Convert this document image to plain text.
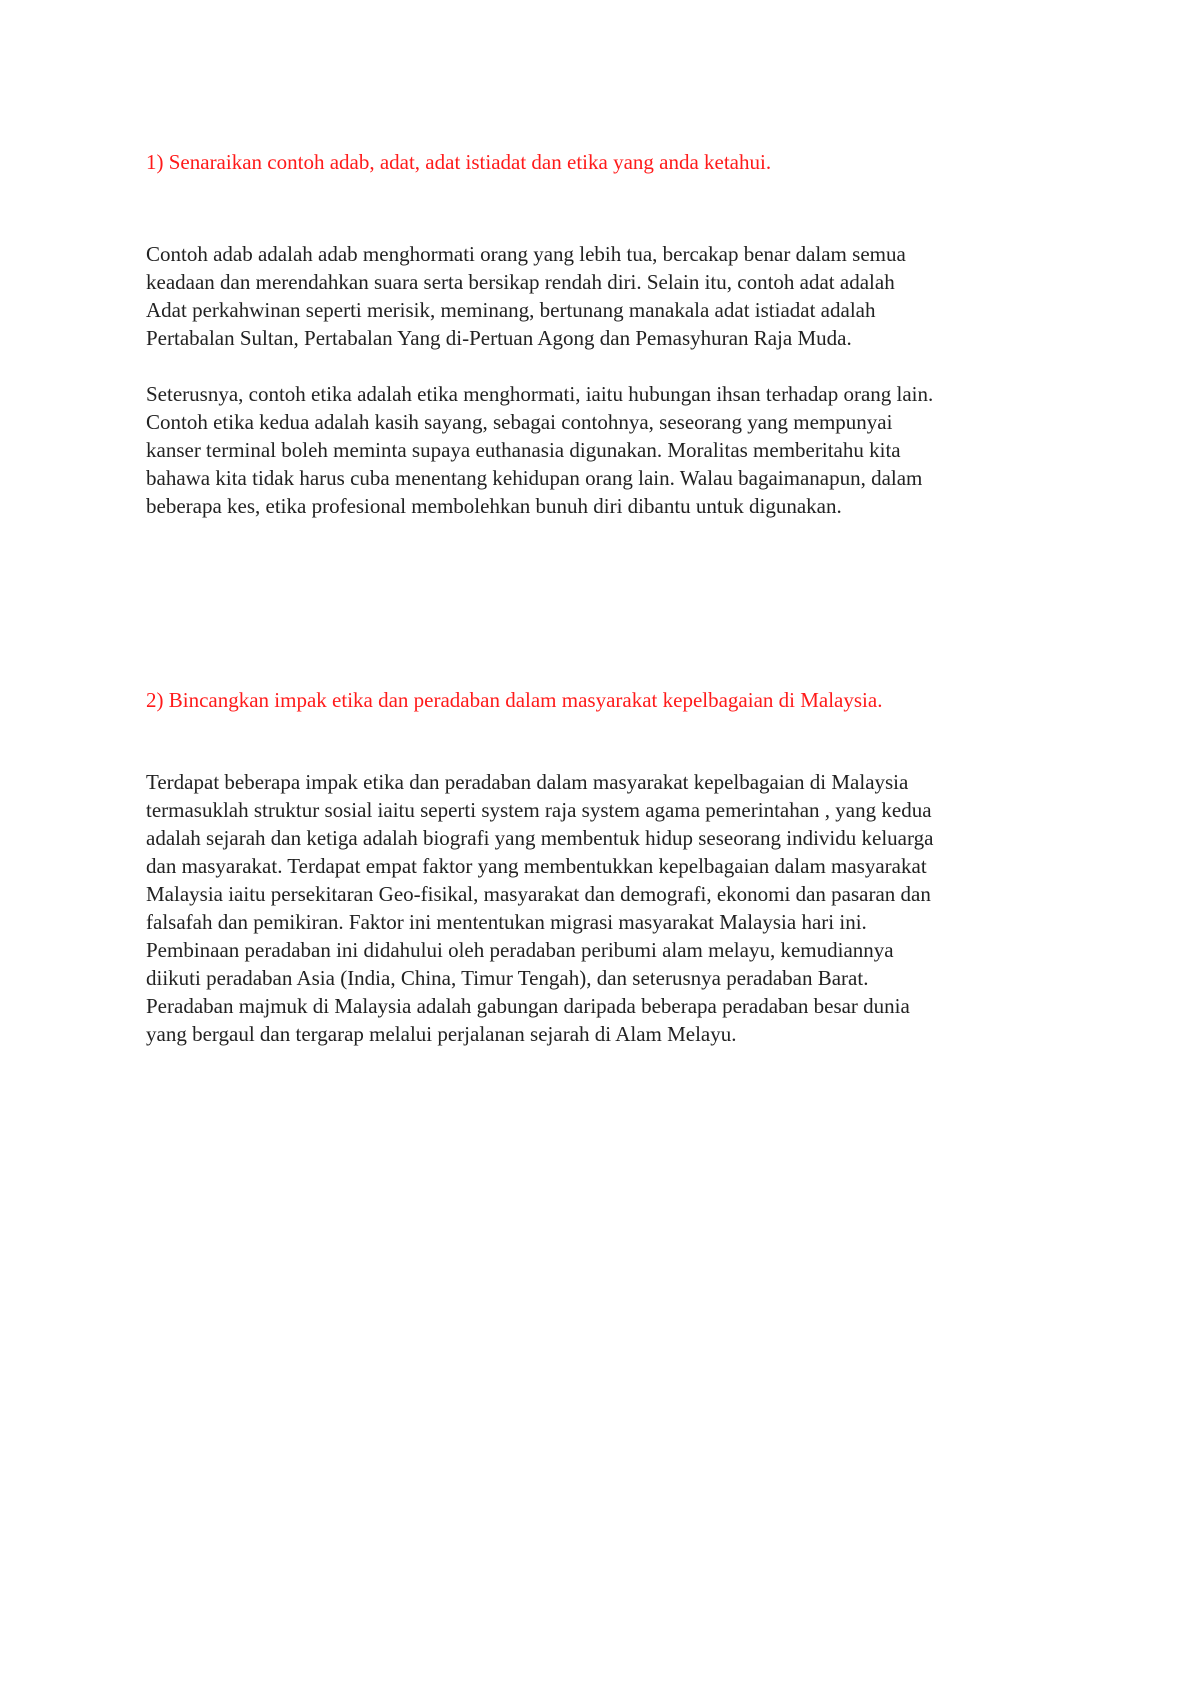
1) Senaraikan contoh adab, adat, adat istiadat dan etika yang anda ketahui.

Contoh adab adalah adab menghormati orang yang lebih tua, bercakap benar dalam semua
keadaan dan merendahkan suara serta bersikap rendah diri. Selain itu, contoh adat adalah
Adat perkahwinan seperti merisik, meminang, bertunang manakala adat istiadat adalah
Pertabalan Sultan, Pertabalan Yang di-Pertuan Agong dan Pemasyhuran Raja Muda.
Seterusnya, contoh etika adalah etika menghormati, iaitu hubungan ihsan terhadap orang lain.
Contoh etika kedua adalah kasih sayang, sebagai contohnya, seseorang yang mempunyai
kanser terminal boleh meminta supaya euthanasia digunakan. Moralitas memberitahu kita
bahawa kita tidak harus cuba menentang kehidupan orang lain. Walau bagaimanapun, dalam
beberapa kes, etika profesional membolehkan bunuh diri dibantu untuk digunakan.

2) Bincangkan impak etika dan peradaban dalam masyarakat kepelbagaian di Malaysia.

Terdapat beberapa impak etika dan peradaban dalam masyarakat kepelbagaian di Malaysia
termasuklah struktur sosial iaitu seperti system raja system agama pemerintahan , yang kedua
adalah sejarah dan ketiga adalah biografi yang membentuk hidup seseorang individu keluarga
dan masyarakat. Terdapat empat faktor yang membentukkan kepelbagaian dalam masyarakat
Malaysia iaitu persekitaran Geo-fisikal, masyarakat dan demografi, ekonomi dan pasaran dan
falsafah dan pemikiran. Faktor ini mententukan migrasi masyarakat Malaysia hari ini.
Pembinaan peradaban ini didahului oleh peradaban peribumi alam melayu, kemudiannya
diikuti peradaban Asia (India, China, Timur Tengah), dan seterusnya peradaban Barat.
Peradaban majmuk di Malaysia adalah gabungan daripada beberapa peradaban besar dunia
yang bergaul dan tergarap melalui perjalanan sejarah di Alam Melayu.
